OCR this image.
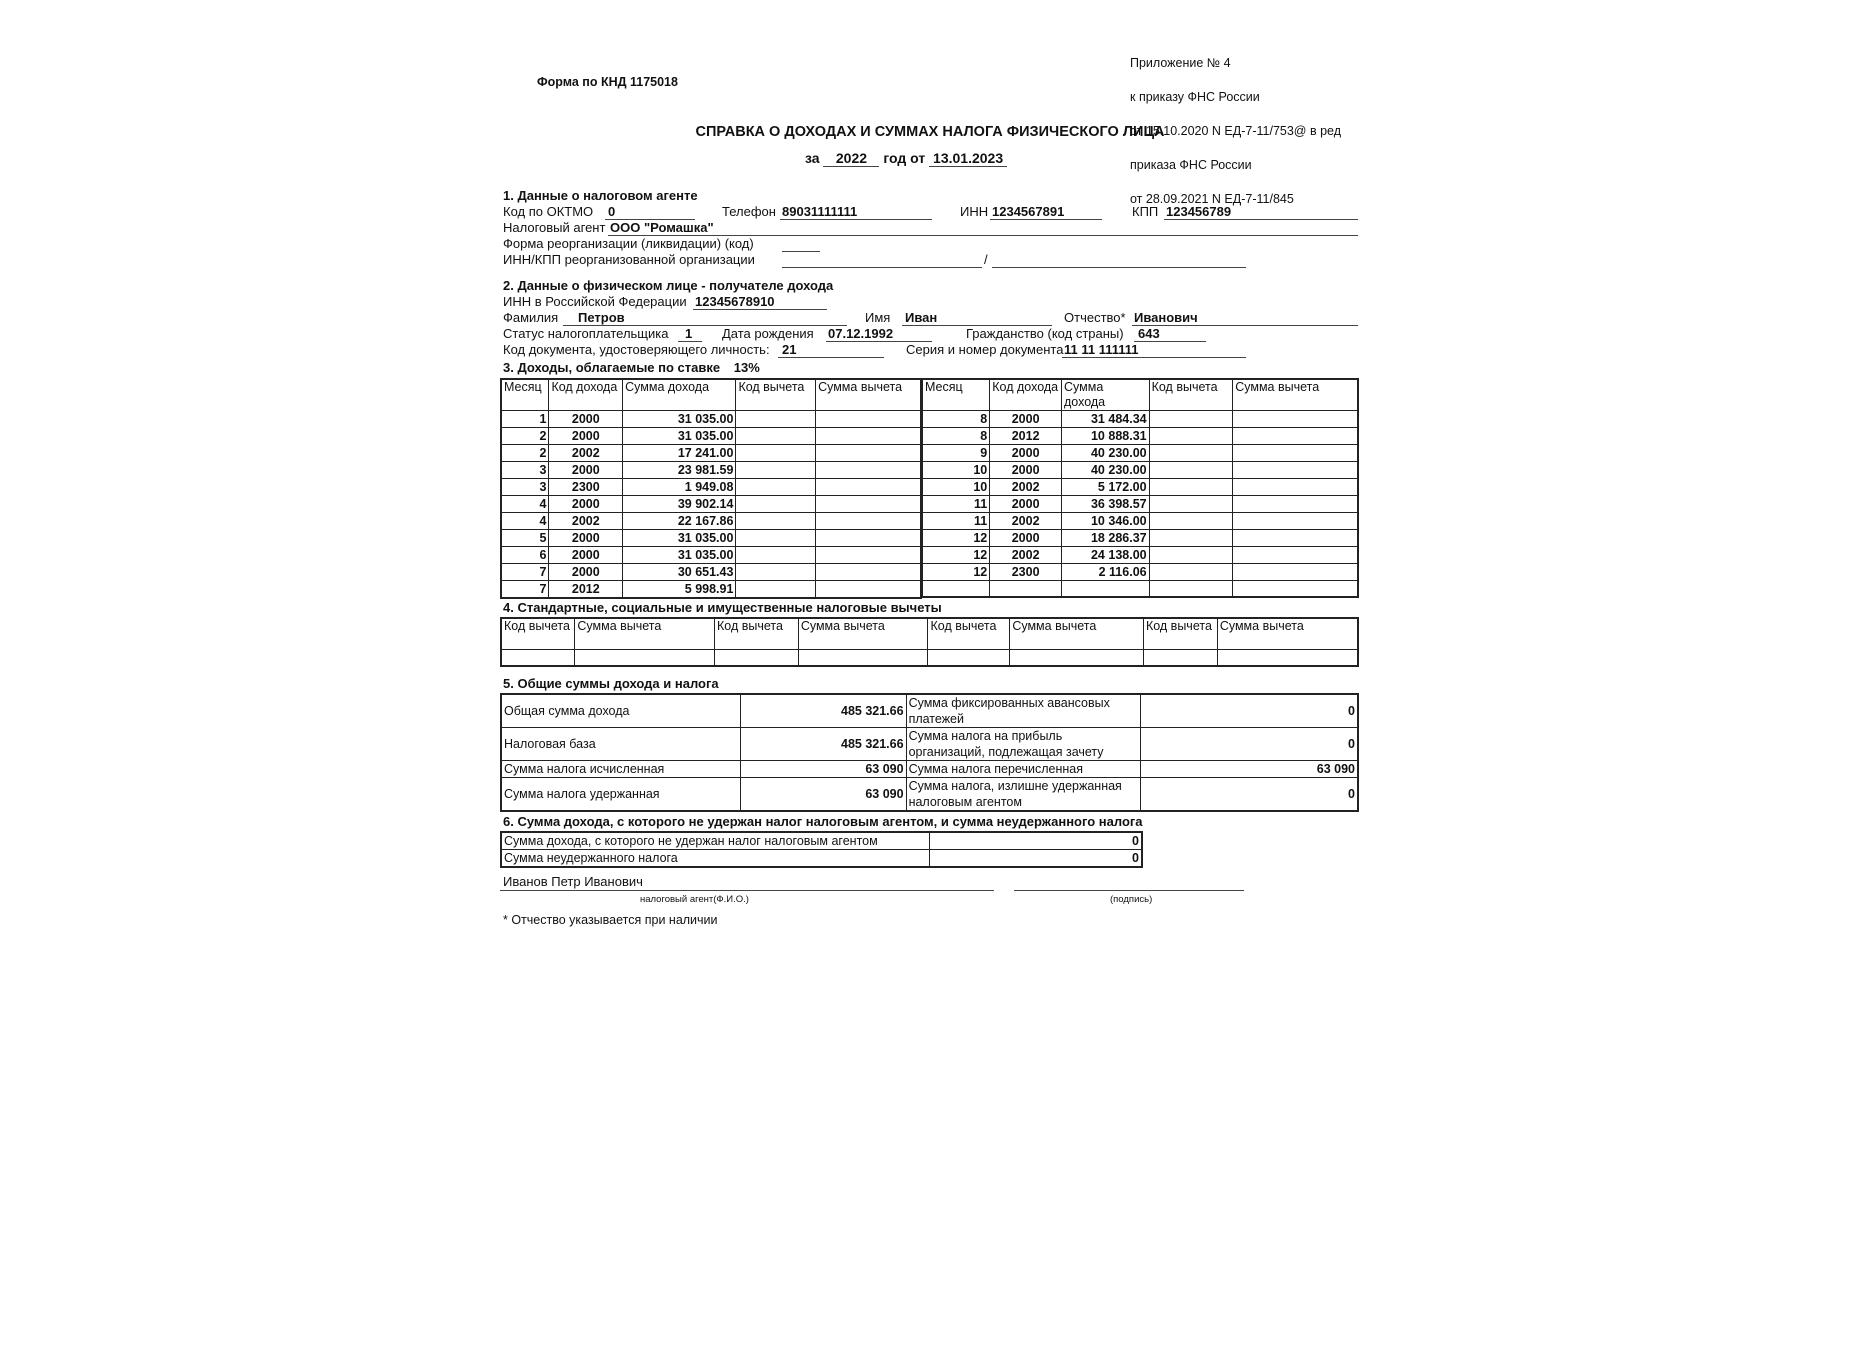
Приложение № 4

к приказу ФНС России

от 15.10.2020 N ЕД-7-11/753@ в ред

приказа ФНС России

от 28.09.2021 N ЕД-7-11/845

Форма по КНД 1175018
СПРАВКА О ДОХОДАХ И СУММАХ НАЛОГА ФИЗИЧЕСКОГО ЛИЦА
за 2022 год от 13.01.2023
1. Данные о налоговом агенте
Код по ОКТМО 0	Телефон 89031111111	ИНН 1234567891	КПП 123456789
Налоговый агент ООО "Ромашка"
Форма реорганизации (ликвидации) (код)
ИНН/КПП реорганизованной организации	/
2. Данные о физическом лице - получателе дохода
ИНН в Российской Федерации 12345678910
Фамилия Петров	Имя Иван	Отчество* Иванович
Статус налогоплательщика 1 Дата рождения 07.12.1992	Гражданство (код страны) 643
Код документа, удостоверяющего личность: 21	Серия и номер документа 11 11 111111
3. Доходы, облагаемые по ставке 13%
Месяц	Код дохода	Сумма дохода	Код вычета	Сумма вычета
1	2000	31 035.00		
2	2000	31 035.00		
2	2002	17 241.00		
3	2000	23 981.59		
3	2300	1 949.08		
4	2000	39 902.14		
4	2002	22 167.86		
5	2000	31 035.00		
6	2000	31 035.00		
7	2000	30 651.43		
7	2012	5 998.91		
Месяц	Код дохода	Сумма дохода	Код вычета	Сумма вычета
8	2000	31 484.34		
8	2012	10 888.31		
9	2000	40 230.00		
10	2000	40 230.00		
10	2002	5 172.00		
11	2000	36 398.57		
11	2002	10 346.00		
12	2000	18 286.37		
12	2002	24 138.00		
12	2300	2 116.06		

4. Стандартные, социальные и имущественные налоговые вычеты
Код вычета	Сумма вычета	Код вычета	Сумма вычета	Код вычета	Сумма вычета	Код вычета	Сумма вычета

5. Общие суммы дохода и налога
Общая сумма дохода	485 321.66	Сумма фиксированных авансовых платежей	0
Налоговая база	485 321.66	Сумма налога на прибыль организаций, подлежащая зачету	0
Сумма налога исчисленная	63 090	Сумма налога перечисленная	63 090
Сумма налога удержанная	63 090	Сумма налога, излишне удержанная налоговым агентом	0
6. Сумма дохода, с которого не удержан налог налоговым агентом, и сумма неудержанного налога
Сумма дохода, с которого не удержан налог налоговым агентом	0
Сумма неудержанного налога	0
Иванов Петр Иванович
налоговый агент(Ф.И.О.)	(подпись)
* Отчество указывается при наличии
